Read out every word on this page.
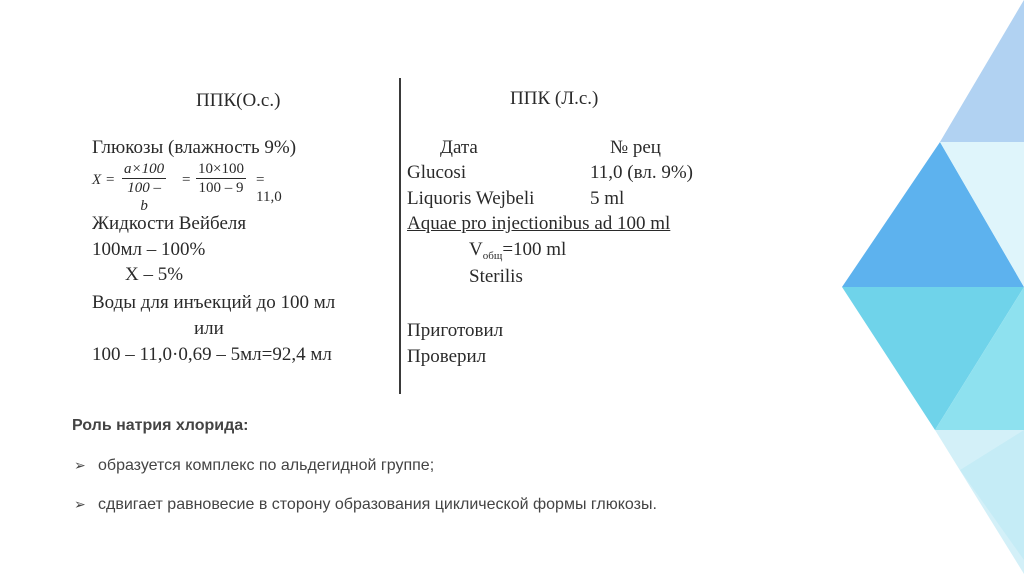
ППК(О.с.)
Глюкозы (влажность 9%)
$X = \frac{a\times 100}{100 - b} = \frac{10\times 100}{100 - 9} = 11,0$
Жидкости Вейбеля
100мл – 100%
X – 5%
Воды для инъекций до 100 мл
или
100 – 11,0·0,69 – 5мл=92,4 мл
ППК (Л.с.)
Дата	№ рец
Glucosi	11,0 (вл. 9%)
Liquoris Wejbeli	5 ml
Aquae pro injectionibus ad 100 ml
$V_{общ}=100$ ml
Sterilis
Приготовил
Проверил
Роль натрия хлорида:
➢ образуется комплекс по альдегидной группе;
➢ сдвигает равновесие в сторону образования циклической формы глюкозы.
